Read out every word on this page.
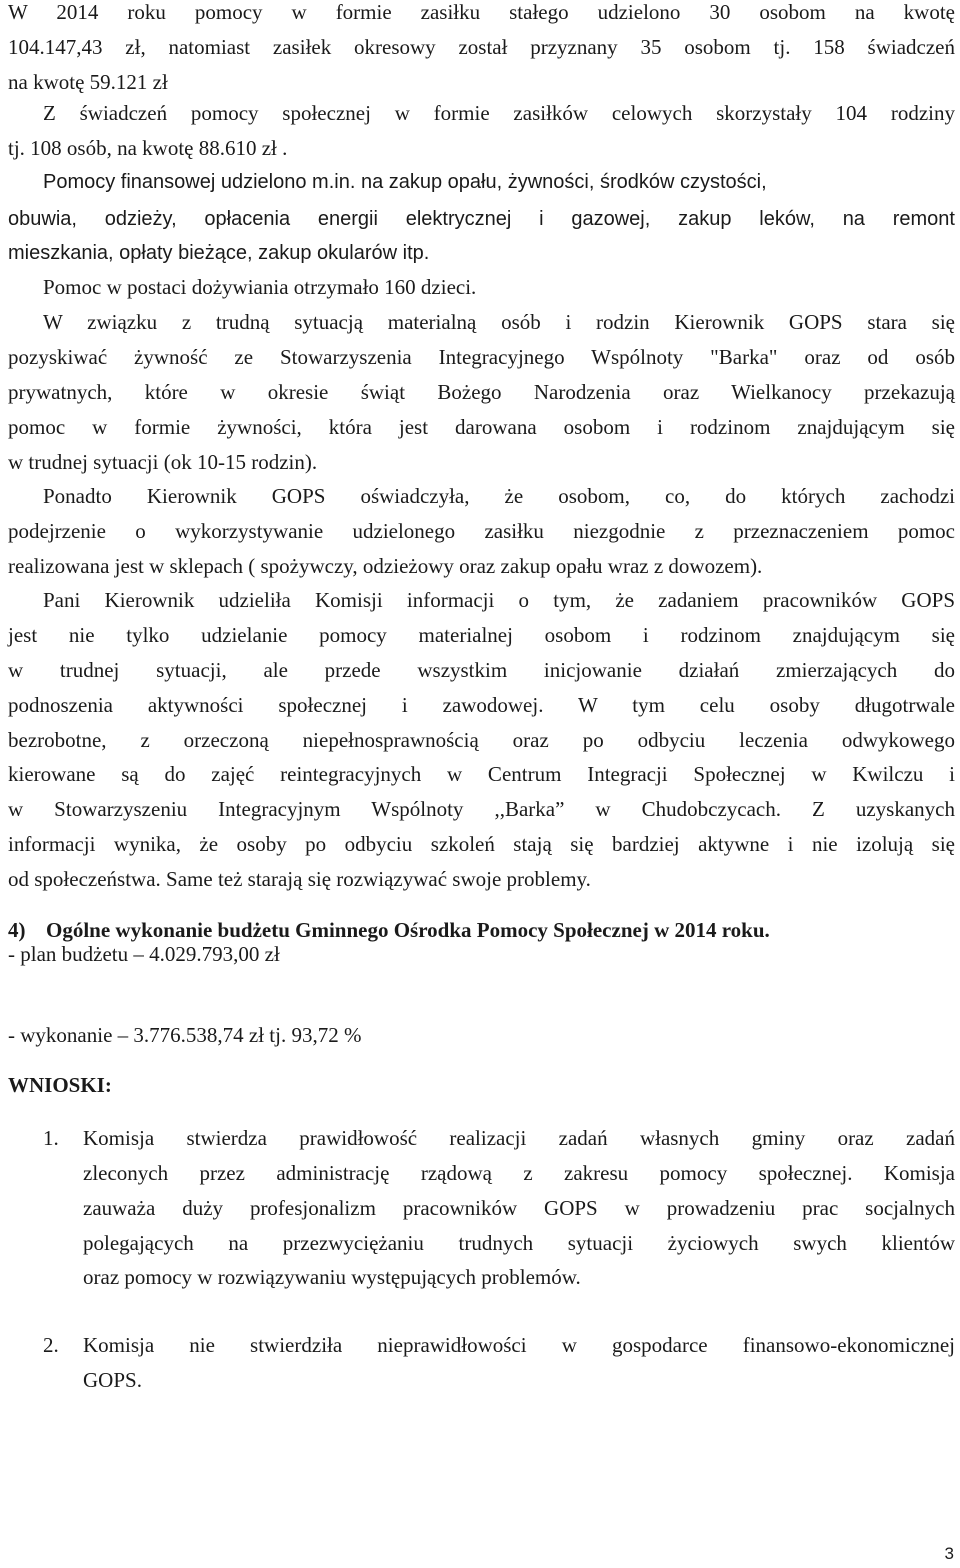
W 2014 roku pomocy w formie zasiłku stałego udzielono 30 osobom na kwotę
104.147,43 zł, natomiast zasiłek okresowy został przyznany 35 osobom tj. 158 świadczeń
na kwotę 59.121 zł
Z świadczeń pomocy społecznej w formie zasiłków celowych skorzystały 104 rodziny
tj. 108 osób, na kwotę 88.610 zł .
Pomocy finansowej udzielono m.in. na zakup opału, żywności, środków czystości,
obuwia, odzieży, opłacenia energii elektrycznej i gazowej, zakup leków, na remont
mieszkania, opłaty bieżące, zakup okularów itp.
Pomoc w postaci dożywiania otrzymało 160 dzieci.
W związku z trudną sytuacją materialną osób i rodzin Kierownik GOPS stara się
pozyskiwać żywność ze Stowarzyszenia Integracyjnego Wspólnoty "Barka" oraz od osób
prywatnych, które w okresie świąt Bożego Narodzenia oraz Wielkanocy przekazują
pomoc w formie żywności, która jest darowana osobom i rodzinom znajdującym się
w trudnej sytuacji (ok 10-15 rodzin).
Ponadto Kierownik GOPS oświadczyła, że osobom, co, do których zachodzi
podejrzenie o wykorzystywanie udzielonego zasiłku niezgodnie z przeznaczeniem pomoc
realizowana jest w sklepach ( spożywczy, odzieżowy oraz zakup opału wraz z dowozem).
Pani Kierownik udzieliła Komisji informacji o tym, że zadaniem pracowników GOPS
jest nie tylko udzielanie pomocy materialnej osobom i rodzinom znajdującym się
w trudnej sytuacji, ale przede wszystkim inicjowanie działań zmierzających do
podnoszenia aktywności społecznej i zawodowej. W tym celu osoby długotrwale
bezrobotne, z orzeczoną niepełnosprawnością oraz po odbyciu leczenia odwykowego
kierowane są do zajęć reintegracyjnych w Centrum Integracji Społecznej w Kwilczu i
w Stowarzyszeniu Integracyjnym Wspólnoty ,,Barka” w Chudobczycach. Z uzyskanych
informacji wynika, że osoby po odbyciu szkoleń stają się bardziej aktywne i nie izolują się
od społeczeństwa. Same też starają się rozwiązywać swoje problemy.
4) Ogólne wykonanie budżetu Gminnego Ośrodka Pomocy Społecznej w 2014 roku.
- plan budżetu – 4.029.793,00 zł
- wykonanie – 3.776.538,74 zł tj. 93,72 %
WNIOSKI:
1. Komisja stwierdza prawidłowość realizacji zadań własnych gminy oraz zadań
zleconych przez administrację rządową z zakresu pomocy społecznej. Komisja
zauważa duży profesjonalizm pracowników GOPS w prowadzeniu prac socjalnych
polegających na przezwyciężaniu trudnych sytuacji życiowych swych klientów
oraz pomocy w rozwiązywaniu występujących problemów.
2. Komisja nie stwierdziła nieprawidłowości w gospodarce finansowo-ekonomicznej
GOPS.
3
